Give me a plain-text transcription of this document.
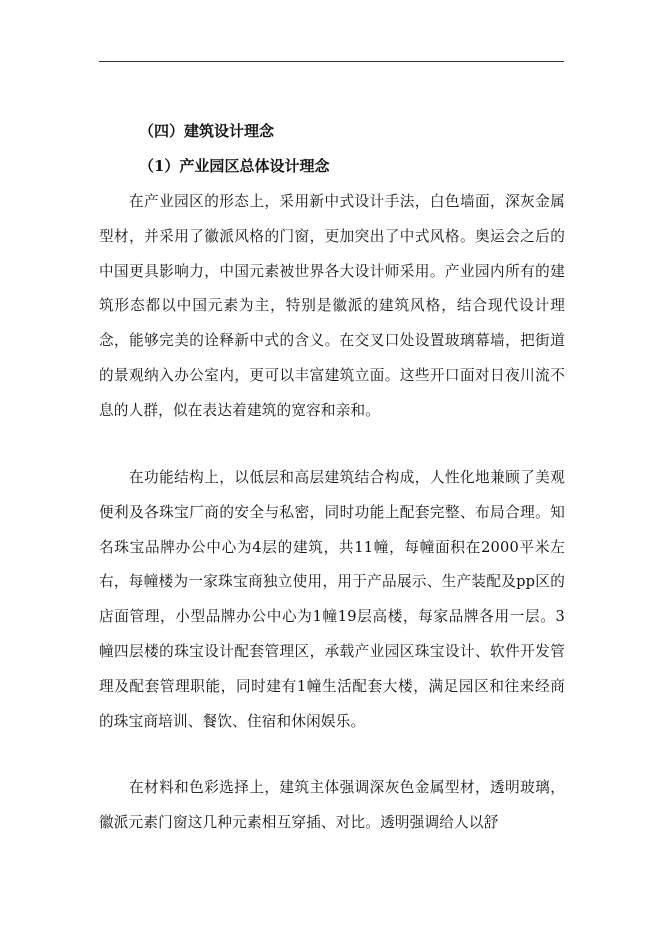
（四）建筑设计理念
（1）产业园区总体设计理念
在产业园区的形态上，采用新中式设计手法，白色墙面，深灰金属型材，并采用了徽派风格的门窗，更加突出了中式风格。奥运会之后的中国更具影响力，中国元素被世界各大设计师采用。产业园内所有的建筑形态都以中国元素为主，特别是徽派的建筑风格，结合现代设计理念，能够完美的诠释新中式的含义。在交叉口处设置玻璃幕墙，把街道的景观纳入办公室内，更可以丰富建筑立面。这些开口面对日夜川流不息的人群，似在表达着建筑的宽容和亲和。
在功能结构上，以低层和高层建筑结合构成，人性化地兼顾了美观便利及各珠宝厂商的安全与私密，同时功能上配套完整、布局合理。知名珠宝品牌办公中心为4层的建筑，共11幢，每幢面积在2000平米左右，每幢楼为一家珠宝商独立使用，用于产品展示、生产装配及pp区的店面管理，小型品牌办公中心为1幢19层高楼，每家品牌各用一层。3幢四层楼的珠宝设计配套管理区，承载产业园区珠宝设计、软件开发管理及配套管理职能，同时建有1幢生活配套大楼，满足园区和往来经商的珠宝商培训、餐饮、住宿和休闲娱乐。
在材料和色彩选择上，建筑主体强调深灰色金属型材，透明玻璃，徽派元素门窗这几种元素相互穿插、对比。透明强调给人以舒
